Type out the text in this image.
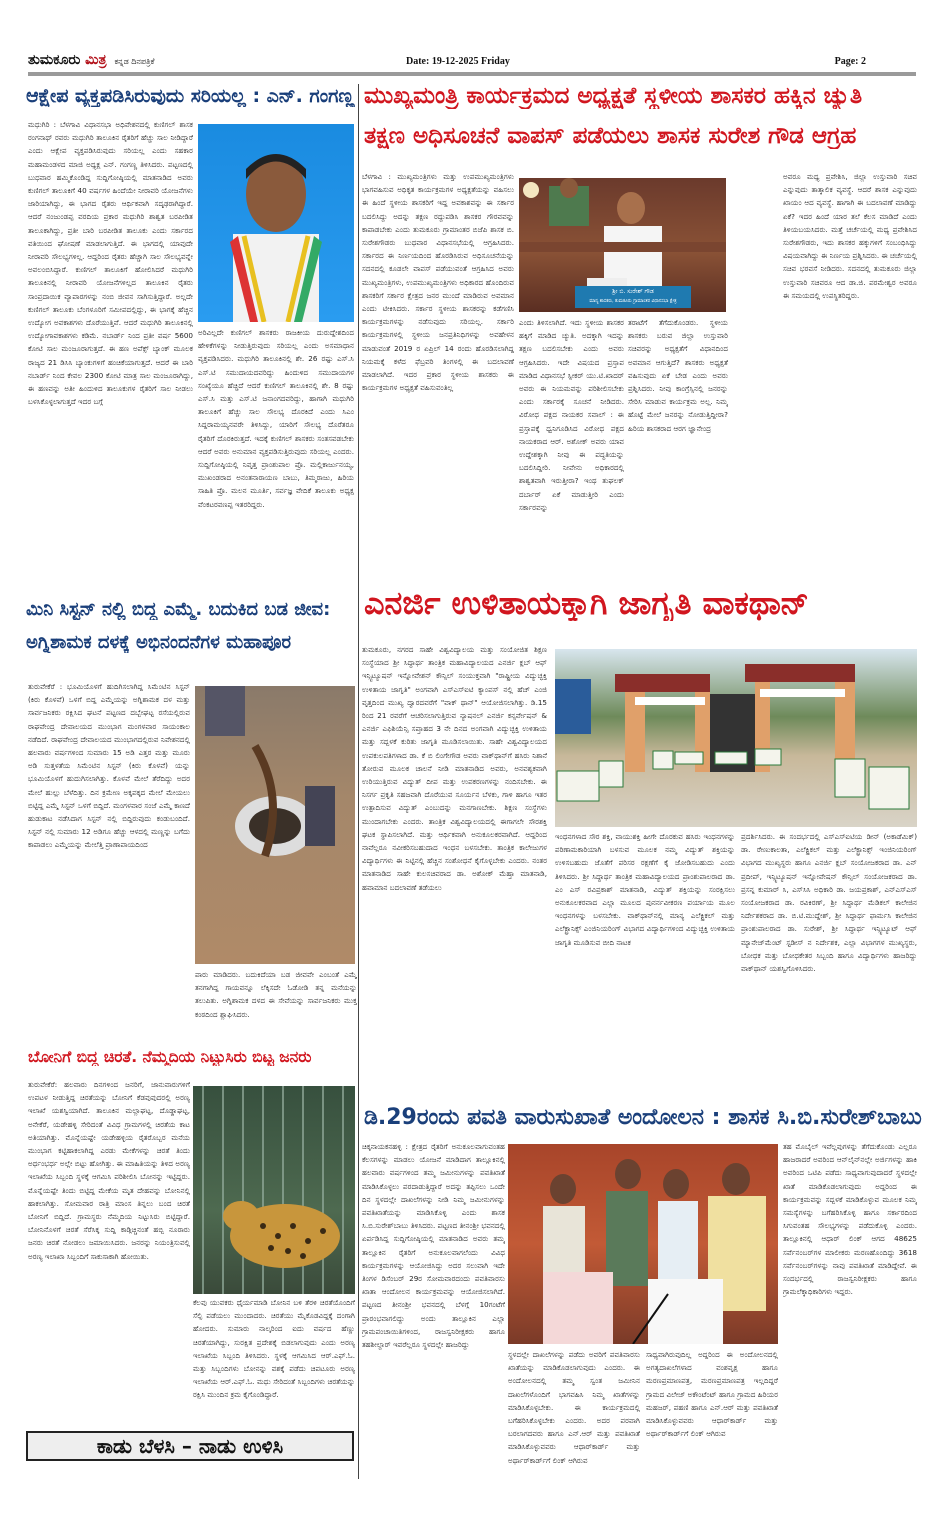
ತುಮಕೂರು ಮಿತ್ರ ಕನ್ನಡ ದಿನಪತ್ರಿಕೆ	Date: 19-12-2025 Friday	Page: 2
ಆಕ್ಷೇಪ ವ್ಯಕ್ತಪಡಿಸಿರುವುದು ಸರಿಯಲ್ಲ : ಎನ್. ಗಂಗಣ್ಣ

ಮಧುಗಿರಿ : ಬೆಳಗಾವಿ ವಿಧಾನಸಭಾ ಅಧಿವೇಶನದಲ್ಲಿ ಕುಣಿಗಲ್ ಶಾಸಕ ರಂಗನಾಥ್ ರವರು ಮಧುಗಿರಿ ತಾಲೂಕಿನ ರೈತರಿಗೆ ಹೆಚ್ಚು ಸಾಲ ನೀಡಿದ್ದಾರೆ ಎಂದು ಆಕ್ಷೇಪ ವ್ಯಕ್ತಪಡಿಸಿರುವುದು ಸರಿಯಲ್ಲ ಎಂದು ಸಹಕಾರ ಮಹಾಮಂಡಳದ ಮಾಜಿ ಅಧ್ಯಕ್ಷ ಎನ್. ಗಂಗಣ್ಣ ತಿಳಿಸಿದರು. ಪಟ್ಟಣದಲ್ಲಿ ಬುಧವಾರ ಹಮ್ಮಿಕೊಂಡಿದ್ದ ಸುದ್ದಿಗೋಷ್ಠಿಯಲ್ಲಿ ಮಾತನಾಡಿದ ಅವರು ಕುಣಿಗಲ್ ತಾಲೂಕಿಗೆ 40 ವರ್ಷಗಳ ಹಿಂದೆಯೇ ನೀರಾವರಿ ಯೋಜನೆಗಳು ಜಾರಿಯಾಗಿದ್ದು, ಈ ಭಾಗದ ರೈತರು ಆರ್ಥಿಕವಾಗಿ ಸದೃಢರಾಗಿದ್ದಾರೆ. ಆದರೆ ನಂಜುಂಡಪ್ಪ ವರದಿಯ ಪ್ರಕಾರ ಮಧುಗಿರಿ ಶಾಶ್ವತ ಬರಪೀಡಿತ ತಾಲೂಕಾಗಿದ್ದು, ಪ್ರತೀ ಬಾರಿ ಬರಪೀಡಿತ ತಾಲೂಕು ಎಂದು ಸರ್ಕಾರದ ವತಿಯಿಂದ ಘೋಷಣೆ ಮಾಡಲಾಗುತ್ತಿದೆ. ಈ ಭಾಗದಲ್ಲಿ ಯಾವುದೇ ನೀರಾವರಿ ಸೌಲಭ್ಯಗಳಿಲ್ಲ. ಆದ್ದರಿಂದ ರೈತರು ಹೆಚ್ಚಾಗಿ ಸಾಲ ಸೌಲಭ್ಯವನ್ನೇ ಅವಲಂಬಿಸಿದ್ದಾರೆ. ಕುಣಿಗಲ್ ತಾಲೂಕಿಗೆ ಹೋಲಿಸಿದರೆ ಮಧುಗಿರಿ ತಾಲೂಕಿನಲ್ಲಿ ನೀರಾವರಿ ಯೋಜನೆಗಳಿಲ್ಲದ ತಾಲೂಕಿನ ರೈತರು ಸಾಂಪ್ರದಾಯಿಕ ವ್ಯಾಪಾರಗಳನ್ನು ನಂಬಿ ಜೀವನ ಸಾಗಿಸುತ್ತಿದ್ದಾರೆ. ಅಲ್ಲದೇ ಕುಣಿಗಲ್ ತಾಲೂಕು ಬೆಂಗಳೂರಿಗೆ ಸಮೀಪದಲ್ಲಿದ್ದು, ಈ ಭಾಗಕ್ಕೆ ಹೆಚ್ಚಿನ ಉದ್ಯೋಗ ಅವಕಾಶಗಳು ದೊರೆಯುತ್ತಿವೆ. ಆದರೆ ಮಧುಗಿರಿ ತಾಲೂಕಿನಲ್ಲಿ ಉದ್ಯೋಗಾವಕಾಶಗಳು ಕಡಿಮೆ. ನಬಾರ್ಡ್ ನಿಂದ ಪ್ರತೀ ವರ್ಷ 5600 ಕೋಟಿ ಸಾಲ ಮಂಜೂರಾಗುತ್ತದೆ. ಈ ಹಣ ಅಪೆಕ್ಸ್ ಬ್ಯಾಂಕ್ ಮೂಲಕ ರಾಜ್ಯದ 21 ಡಿಸಿಸಿ ಬ್ಯಾಂಕುಗಳಿಗೆ ಹಂಚಿಕೆಯಾಗುತ್ತದೆ. ಆದರೆ ಈ ಬಾರಿ ನಬಾರ್ಡ್ ನಿಂದ ಕೇವಲ 2300 ಕೋಟಿ ಮಾತ್ರ ಸಾಲ ಮಂಜೂರಾಗಿದ್ದು, ಈ ಹಣವನ್ನು ಅತೀ ಹಿಂದುಳಿದ ತಾಲೂಕುಗಳ ರೈತರಿಗೆ ಸಾಲ ನೀಡಲು ಬಳಸಿಕೊಳ್ಳಲಾಗುತ್ತದೆ ಇದರ ಬಗ್ಗೆ

ಅರಿವಿಲ್ಲದೇ ಕುಣಿಗಲ್ ಶಾಸಕರು ರಾಜಕೀಯ ದುರುದ್ದೇಶದಿಂದ ಹೇಳಿಕೆಗಳನ್ನು ನೀಡುತ್ತಿರುವುದು ಸರಿಯಲ್ಲ ಎಂದು ಅಸಮಾಧಾನ ವ್ಯಕ್ತಪಡಿಸಿದರು. ಮಧುಗಿರಿ ತಾಲೂಕಿನಲ್ಲಿ ಶೇ. 26 ರಷ್ಟು ಎಸ್.ಸಿ ಎಸ್.ಟಿ ಸಮುದಾಯದವರಿದ್ದು ಹಿಂದುಳಿದ ಸಮುದಾಯಗಳ ಸಂಖ್ಯೆಯೂ ಹೆಚ್ಚಿದೆ ಆದರೆ ಕುಣಿಗಲ್ ತಾಲೂಕಿನಲ್ಲಿ ಶೇ. 8 ರಷ್ಟು ಎಸ್.ಸಿ ಮತ್ತು ಎಸ್.ಟಿ ಜನಾಂಗದವರಿದ್ದು, ಹಾಗಾಗಿ ಮಧುಗಿರಿ ತಾಲೂಕಿಗೆ ಹೆಚ್ಚು ಸಾಲ ಸೌಲಭ್ಯ ದೊರಕಿದೆ ಎಂದು ಸಿಎಂ ಸಿದ್ದರಾಮಯ್ಯನವರೇ ತಿಳಿಸಿದ್ದು, ಯಾರಿಗೆ ಸೌಲಭ್ಯ ದೊರೆತರೂ ರೈತರಿಗೆ ದೊರಕಿರುತ್ತದೆ. ಇದಕ್ಕೆ ಕುಣಿಗಲ್ ಶಾಸಕರು ಸಂತಸವಡಬೇಕು ಆದರೆ ಅವರು ಅನುಮಾನ ವ್ಯಕ್ತಪಡಿಸುತ್ತಿರುವುದು ಸರಿಯಲ್ಲ ಎಂದರು. ಸುದ್ದಿಗೋಷ್ಠಿಯಲ್ಲಿ ನಿವೃತ್ತ ಪ್ರಾಂಶುಪಾಲ ಪ್ರೊ. ಮಲ್ಲಿಕಾರ್ಜುನಯ್ಯ, ಮುಖಂಡರಾದ ಅನಂತನಾರಾಯಣ ಬಾಬು, ತಿಮ್ಮರಾಜು, ಹಿರಿಯ ಸಾಹಿತಿ ಪ್ರೊ. ಮಲನ ಮೂರ್ತಿ, ಸರ್ವಜ್ಞ ವೇದಿಕೆ ತಾಲೂಕು ಅಧ್ಯಕ್ಷ ವೆಂಕಟರವಣಪ್ಪ ಇತರರಿದ್ದರು.

ಮುಖ್ಯಮಂತ್ರಿ ಕಾರ್ಯಕ್ರಮದ ಅಧ್ಯಕ್ಷತೆ ಸ್ಥಳೀಯ ಶಾಸಕರ ಹಕ್ಕಿನ ಚ್ಯುತಿ
ತಕ್ಷಣ ಅಧಿಸೂಚನೆ ವಾಪಸ್ ಪಡೆಯಲು ಶಾಸಕ ಸುರೇಶ ಗೌಡ ಆಗ್ರಹ

ಬೆಳಗಾವಿ : ಮುಖ್ಯಮಂತ್ರಿಗಳು ಮತ್ತು ಉಪಮುಖ್ಯಮಂತ್ರಿಗಳು ಭಾಗವಹಿಸುವ ಅಧಿಕೃತ ಕಾರ್ಯಕ್ರಮಗಳ ಅಧ್ಯಕ್ಷತೆಯನ್ನು ವಹಿಸಲು ಈ ಹಿಂದೆ ಸ್ಥಳೀಯ ಶಾಸಕರಿಗೆ ಇದ್ದ ಅವಕಾಶವನ್ನು ಈ ಸರ್ಕಾರ ಬದಲಿಸಿದ್ದು ಅದನ್ನು ತಕ್ಷಣ ರದ್ದುಪಡಿಸಿ ಶಾಸಕರ ಗೌರವವನ್ನು ಕಾಪಾಡಬೇಕು ಎಂದು ತುಮಕೂರು ಗ್ರಾಮಾಂತರ ಬಿಜೆಪಿ ಶಾಸಕ ಬಿ. ಸುರೇಶಗೌಡರು ಬುಧವಾರ ವಿಧಾನಸಭೆಯಲ್ಲಿ ಆಗ್ರಹಿಸಿದರು. ಸರ್ಕಾರದ ಈ ನಿರ್ಣಯದಿಂದ ಹೊರಡಿಸಿರುವ ಅಧಿಸೂಚನೆಯನ್ನು ಸದನದಲ್ಲಿ ಕೂಡಲೇ ವಾಪಸ್ ಪಡೆಯುವಂತೆ ಆಗ್ರಹಿಸಿದ ಅವರು ಮುಖ್ಯಮಂತ್ರಿಗಳು, ಉಪಮುಖ್ಯಮಂತ್ರಿಗಳು ಅಧಿಕಾರದ ಹೊಂದಿರುವ ಶಾಸಕರಿಗೆ ಸರ್ಕಾರ ಕ್ಷೇತ್ರದ ಜನರ ಮುಂದೆ ಮಾಡಿರುವ ಅವಮಾನ ಎಂದು ಟೀಕಿಸಿದರು. ಸರ್ಕಾರ ಸ್ಥಳೀಯ ಶಾಸಕರನ್ನು ಕಡೆಗಣಿಸಿ ಕಾರ್ಯಕ್ರಮಗಳನ್ನು ನಡೆಸುವುದು ಸರಿಯಲ್ಲ. ಸರ್ಕಾರಿ ಕಾರ್ಯಕ್ರಮಗಳಲ್ಲಿ ಸ್ಥಳೀಯ ಜನಪ್ರತಿನಿಧಿಗಳನ್ನು ಅವಹೇಳನ ಮಾಡುವಂತೆ 2019 ರ ಏಪ್ರಿಲ್ 14 ರಂದು ಹೊರಡಿಸಲಾಗಿದ್ದ ನಿಯಮಕ್ಕೆ ಕಳೆದ ಫೆಬ್ರವರಿ ತಿಂಗಳಲ್ಲಿ ಈ ಬದಲಾವಣೆ ಮಾಡಲಾಗಿದೆ. ಇದರ ಪ್ರಕಾರ ಸ್ಥಳೀಯ ಶಾಸಕರು ಈ ಕಾರ್ಯಕ್ರಮಗಳ ಅಧ್ಯಕ್ಷತೆ ವಹಿಸುವಂತಿಲ್ಲ

ಶ್ರೀ ಬಿ. ಸುರೇಶ್ ಗೌಡ
ಮಾನ್ಯ ಶಾಸಕರು, ತುಮಕೂರು ಗ್ರಾಮಾಂತರ ವಿಧಾನಸಭಾ ಕ್ಷೇತ್ರ

ಎಂದು ತಿಳಿಸಲಾಗಿದೆ. ಇದು ಸ್ಥಳೀಯ ಶಾಸಕರ ಹಕ್ಕಿಗೆ ಮಾಡಿದ ಚ್ಯುತಿ. ಅದಕ್ಕಾಗಿ ಇದನ್ನು ತಕ್ಷಣ ಬದಲಿಸಬೇಕು ಎಂದು ಅವರು ಆಗ್ರಹಿಸಿದರು. ಇದೇ ವಿಷಯದ ಪ್ರಸ್ತಾಪ ಮಾಡಿದ ವಿಧಾನಸಭೆ ಸ್ಪೀಕರ್ ಯು.ಟಿ.ಖಾದರ್ ಅವರು ಈ ನಿಯಮವನ್ನು ಪರಿಶೀಲಿಸಬೇಕು ಎಂದು ಸರ್ಕಾರಕ್ಕೆ ಸೂಚನೆ ನೀಡಿದರು. ವಿರೋಧ ಪಕ್ಷದ ನಾಯಕರ ಸವಾಲ್ : ಈ ಪ್ರಸ್ತಾಪಕ್ಕೆ ಧ್ವನಿಗೂಡಿಸಿದ ವಿರೋಧ ಪಕ್ಷದ ನಾಯಕರಾದ ಆರ್. ಅಶೋಕ್ ಅವರು ಯಾವ ಉದ್ದೇಶಕ್ಕಾಗಿ ನೀವು ಈ ಪದ್ಧತಿಯನ್ನು ಬದಲಿಸಿದ್ದೀರಿ. ನೀವೇನು ಅಧಿಕಾರದಲ್ಲಿ ಶಾಶ್ವತವಾಗಿ ಇರುತ್ತೀರಾ? ಇಂಥ ತುಘಲಕ್ ದರ್ಬಾರ್ ಏಕೆ ಮಾಡುತ್ತೀರಿ ಎಂದು ಸರ್ಕಾರವನ್ನು

ತರಾಟೆಗೆ ತೆಗೆದುಕೊಂಡರು. ಸ್ಥಳೀಯ ಶಾಸಕರು ಬರುವ ಜಿಲ್ಲಾ ಉಸ್ತುವಾರಿ ಸಚಿವರನ್ನು ಅಧ್ಯಕ್ಷತೆಗೆ ವಿಧಾನದಿಂದ ಅವಮಾನ ಆಗುತ್ತಿದೆ? ಶಾಸಕರು ಅಧ್ಯಕ್ಷತೆ ವಹಿಸುವುದು ಏಕೆ ಬೇಡ ಎಂದು ಅವರು ಪ್ರಶ್ನಿಸಿದರು. ನೀವು ಕಾಂಗ್ರೆಸ್ಸಿನಲ್ಲಿ ಜನರನ್ನು ಸೇರಿಸಿ ಮಾಡುವ ಕಾರ್ಯಕ್ರಮ ಅಲ್ಲ. ನಿಮ್ಮ ಹೊಟ್ಟೆ ಮೇಲೆ ಜನರನ್ನು ನೋಡುತ್ತಿದ್ದೀರಾ? ಹಿರಿಯ ಶಾಸಕರಾದ ಆರಗ ಜ್ಞಾನೇಂದ್ರ

ಅವರೂ ಮಧ್ಯ ಪ್ರವೇಶಿಸಿ, ಜಿಲ್ಲಾ ಉಸ್ತುವಾರಿ ಸಚಿವ ಎನ್ನುವುದು ತಾತ್ಕಾಲಿಕ ವ್ಯವಸ್ಥೆ. ಆದರೆ ಶಾಸಕ ಎನ್ನುವುದು ಖಾಯಂ ಆದ ವ್ಯವಸ್ಥೆ. ಹಾಗಾಗಿ ಈ ಬದಲಾವಣೆ ಮಾಡಿದ್ದು ಏಕೆ? ಇದರ ಹಿಂದೆ ಯಾರ ತಲೆ ಕೆಲಸ ಮಾಡಿದೆ ಎಂದು ತಿಳಿಯಬಯಸಿದರು. ಮತ್ತೆ ಚರ್ಚೆಯಲ್ಲಿ ಮಧ್ಯ ಪ್ರವೇಶಿಸಿದ ಸುರೇಶಗೌಡರು, ಇದು ಶಾಸಕರ ಹಕ್ಕುಗಳಿಗೆ ಸಂಬಂಧಿಸಿದ್ದು ವಿಷಯವಾಗಿದ್ದು ಈ ನಿರ್ಣಯ ಪ್ರಶ್ನಿಸಿದರು. ಈ ಚರ್ಚೆಯಲ್ಲಿ ಸಚಿವ ಭರವಸೆ ನೀಡಿದರು. ಸದನದಲ್ಲಿ ತುಮಕೂರು ಜಿಲ್ಲಾ ಉಸ್ತುವಾರಿ ಸಚಿವರೂ ಆದ ಡಾ.ಜಿ. ಪರಮೇಶ್ವರ ಅವರೂ ಈ ಸಮಯದಲ್ಲಿ ಉಪಸ್ಥಿತರಿದ್ದರು.

ಮಿನಿ ಸಿಸ್ಟನ್ ನಲ್ಲಿ ಬಿದ್ದ ಎಮ್ಮೆ. ಬದುಕಿದ ಬಡ ಜೀವ:
ಅಗ್ನಿಶಾಮಕ ದಳಕ್ಕೆ ಅಭಿನಂದನೆಗಳ ಮಹಾಪೂರ

ತುರುವೇಕೆರೆ : ಭೂಮಿಯೊಳಗೆ ಹುದಿಗಿಸಲಾಗಿದ್ದ ಸಿಮೆಂಟಿನ ಸಿಸ್ಟನ್ (ಕಿರು ಕೊಳವೆ) ಒಳಗೆ ಬಿದ್ದ ಎಮ್ಮೆಯನ್ನು ಅಗ್ನಿಶಾಮಕ ದಳ ಮತ್ತು ಸಾರ್ವಜನಿಕರು ರಕ್ಷಿಸಿದ ಘಟನೆ ಪಟ್ಟಣದ ದಬ್ಬೇಘಟ್ಟ ರಸೆಯಲ್ಲಿರುವ ರಾಘವೇಂದ್ರ ದೇವಾಲಯದ ಮುಂಭಾಗ ಮಂಗಳವಾರ ಸಾಯಂಕಾಲ ನಡೆದಿದೆ. ರಾಘವೇಂದ್ರ ದೇವಾಲಯದ ಮುಂಭಾಗದಲ್ಲಿರುವ ನಿವೇಶನದಲ್ಲಿ ಹಲವಾರು ವರ್ಷಗಳಿಂದ ಸುಮಾರು 15 ಅಡಿ ಎತ್ತರ ಮತ್ತು ಮೂರು ಅಡಿ ಸುತ್ತಳತೆಯ ಸಿಮೆಂಟಿನ ಸಿಸ್ಟನ್ (ಕಿರು ಕೊಳವೆ) ಯನ್ನು ಭೂಮಿಯೊಳಗೆ ಹುದುಗಿಸಲಾಗಿತ್ತು. ಕೊಳವೆ ಮೇಲೆ ತೆರೆದಿದ್ದು ಅದರ ಮೇಲೆ ಹುಲ್ಲು ಬೆಳೆದಿತ್ತು. ದಿನ ಕ್ರಮೇಣ ಅಕ್ಕಪಕ್ಕದ ಮೇಲೆ ಮೇಯಲು ಬಿಟ್ಟಿದ್ದ ಎಮ್ಮೆ ಸಿಸ್ಟನ್ ಒಳಗೆ ಬಿದ್ದಿದೆ. ಮಂಗಳವಾರ ಸಂಜೆ ಎಮ್ಮೆ ಕಾಣದೆ ಹುಡುಕಾಟ ನಡೆಸಿದಾಗ ಸಿಸ್ಟನ್ ನಲ್ಲಿ ಬಿದ್ದಿರುವುದು ಕಂಡುಬಂದಿದೆ. ಸಿಸ್ಟನ್ ನಲ್ಲಿ ಸುಮಾರು 12 ಅಡಿಗೂ ಹೆಚ್ಚು ಆಳದಲ್ಲಿ ಮಣ್ಣನ್ನು ಬಗೆದು ಕಾಪಾಡಲು ಎಮ್ಮೆಯನ್ನು ಮೇಲೆತ್ತಿ ಪ್ರಾಣಾಪಾಯದಿಂದ

ಪಾರು ಮಾಡಿದರು. ಬದುಕಿದೆಯಾ ಬಡ ಜೀವವೇ ಎಂಬಂತೆ ಎಮ್ಮೆ ತನಗಾಗಿದ್ದ ಗಾಯವನ್ನೂ ಲೆಕ್ಕಿಸದೇ ಓಡೋಡಿ ತನ್ನ ಮನೆಯನ್ನು ತಲುಪಿತು. ಅಗ್ನಿಶಾಮಕ ದಳದ ಈ ಸೇವೆಯನ್ನು ಸಾರ್ವಜನಿಕರು ಮುಕ್ತ ಕಂಠದಿಂದ ಶ್ಲಾಘಿಸಿದರು.

ಎನರ್ಜಿ ಉಳಿತಾಯಕ್ಕಾಗಿ ಜಾಗೃತಿ ವಾಕಥಾನ್

ತುಮಕೂರು, ನಗರದ ಸಾಹೇ ವಿಶ್ವವಿದ್ಯಾಲಯ ಮತ್ತು ಸಂಯೋಜಿತ ಶಿಕ್ಷಣ ಸಂಸ್ಥೆಯಾದ ಶ್ರೀ ಸಿದ್ಧಾರ್ಥ ತಾಂತ್ರಿಕ ಮಹಾವಿದ್ಯಾಲಯದ ಎನರ್ಜಿ ಕ್ಲಬ್ ಆಫ್ ಇನ್ಸ್ಟಿಟ್ಯೂಷನ್ ಇನ್ನೋವೇಶನ್ ಕೌನ್ಸಿಲ್ ಸಂಯುಕ್ತವಾಗಿ "ರಾಷ್ಟ್ರೀಯ ವಿದ್ಯುಚ್ಛಕ್ತಿ ಉಳಿತಾಯ ಜಾಗೃತಿ" ಅಂಗವಾಗಿ ಎಸ್‌ಎಸ್‌ಐಟಿ ಕ್ಯಾಂಪಸ್ ನಲ್ಲಿ ಹೆಚ್ ಎಂಜಿ ವೃತ್ತದಿಂದ ಮುಖ್ಯ ದ್ವಾರದವರೆಗೆ "ವಾಕ್ ಥಾನ್" ಆಯೋಜಿಸಲಾಗಿತ್ತು. ಡಿ.15 ರಿಂದ 21 ರವರೆಗೆ ಆಚರಿಸಲಾಗುತ್ತಿರುವ ನ್ಯಾಷನಲ್ ಎನರ್ಜಿ ಕನ್ಸರ್ವೇಷನ್ & ಎನರ್ಜಿ ಎಫಿಶಿಯೆನ್ಸಿ ಸಪ್ತಾಹದ 3 ನೇ ದಿನದ ಅಂಗವಾಗಿ ವಿದ್ಯುಚ್ಛಕ್ತಿ ಉಳಿತಾಯ ಮತ್ತು ಸದ್ಬಳಕೆ ಕುರಿತು ಜಾಗೃತಿ ಮೂಡಿಸಲಾಯಿತು. ಸಾಹೇ ವಿಶ್ವವಿದ್ಯಾಲಯದ ಉಪಕುಲಪತಿಗಳಾದ ಡಾ. ಕೆ ಬಿ ಲಿಂಗೇಗೌಡ ಅವರು ವಾಕ್‌ಥಾನ್‌ಗೆ ಹಸಿರು ನಿಶಾನೆ ತೋರುವ ಮೂಲಕ ಚಾಲನೆ ನೀಡಿ ಮಾತನಾಡಿದ ಅವರು, ಅನವಶ್ಯಕವಾಗಿ ಉರಿಯುತ್ತಿರುವ ವಿದ್ಯುತ್ ದೀಪ ಮತ್ತು ಉಪಕರಣಗಳನ್ನು ನಂದಿಸಬೇಕು. ಈ ನಿಸರ್ಗ ಪ್ರಕೃತಿ ಸಹಜವಾಗಿ ದೊರೆಯುವ ಸೂರ್ಯನ ಬೆಳಕು, ಗಾಳಿ ಹಾಗೂ ಇತರ ಉತ್ಪಾದಿಸುವ ವಿದ್ಯುತ್ ಎಂಬುದನ್ನು ಮನಗಾಣಬೇಕು. ಶಿಕ್ಷಣ ಸಂಸ್ಥೆಗಳು ಮುಂದಾಗಬೇಕು ಎಂದರು. ತಾಂತ್ರಿಕ ವಿಶ್ವವಿದ್ಯಾಲಯದಲ್ಲಿ ಈಗಾಗಲೇ ಸೌರಶಕ್ತಿ ಘಟಕ ಸ್ಥಾಪಿಸಲಾಗಿದೆ. ಮತ್ತು ಆರ್ಥಿಕವಾಗಿ ಅನುಕೂಲಕರವಾಗಿದೆ. ಆದ್ದರಿಂದ ನಾವೆಲ್ಲರೂ ನವೀಕರಿಸಬಹುದಾದ ಇಂಧನ ಬಳಸಬೇಕು. ತಾಂತ್ರಿಕ ಕಾಲೇಜುಗಳ ವಿದ್ಯಾರ್ಥಿಗಳು ಈ ನಿಟ್ಟಿನಲ್ಲಿ ಹೆಚ್ಚಿನ ಸಂಶೋಧನೆ ಕೈಗೊಳ್ಳಬೇಕು ಎಂದರು. ನಂತರ ಮಾತನಾಡಿದ ಸಾಹೇ ಕುಲಸಚಿವರಾದ ಡಾ. ಅಶೋಕ್ ಮೆಹ್ತಾ ಮಾತನಾಡಿ, ಹವಾಮಾನ ಬದಲಾವಣೆ ತಡೆಯಲು

ಇಂಧನಗಳಾದ ಸೌರ ಶಕ್ತಿ, ವಾಯುಶಕ್ತಿ ಹೀಗೇ ದೊರಕುವ ಹಸಿರು ಇಂಧನಗಳನ್ನು ಪರಿಣಾಮಕಾರಿಯಾಗಿ ಬಳಸುವ ಮೂಲಕ ನಮ್ಮ ವಿದ್ಯುತ್ ಶಕ್ತಿಯನ್ನು ಉಳಿಸಬಹುದು ಜೊತೆಗೆ ಪರಿಸರ ರಕ್ಷಣೆಗೆ ಕೈ ಜೋಡಿಸಬಹುದು ಎಂದು ತಿಳಿಸಿದರು. ಶ್ರೀ ಸಿದ್ಧಾರ್ಥ ತಾಂತ್ರಿಕ ಮಹಾವಿದ್ಯಾಲಯದ ಪ್ರಾಂಶುಪಾಲರಾದ ಡಾ. ಎಂ ಎಸ್ ರವಿಪ್ರಕಾಶ್ ಮಾತನಾಡಿ, ವಿದ್ಯುತ್ ಶಕ್ತಿಯನ್ನು ಸಂರಕ್ಷಿಸಲು ಅನುಕೂಲಕರವಾದ ಎಲ್ಲಾ ಮೂಲದ ಪುನರ್ನವೀಕರಣ ಪರ್ಯಾಯ ಮೂಲ ಇಂಧನಗಳನ್ನು ಬಳಸಬೇಕು. ವಾಕ್‌ಥಾನ್‌ನಲ್ಲಿ ಮಾನ್ಯ ಎಲೆಕ್ಟ್ರಿಕಲ್ ಮತ್ತು ಎಲೆಕ್ಟ್ರಾನಿಕ್ಸ್ ಎಂಜಿನಿಯರಿಂಗ್ ವಿಭಾಗದ ವಿದ್ಯಾರ್ಥಿಗಳಿಂದ ವಿದ್ಯುಚ್ಛಕ್ತಿ ಉಳಿತಾಯ ಜಾಗೃತಿ ಮೂಡಿಸುವ ಬೀದಿ ನಾಟಕ

ಪ್ರದರ್ಶಿಸಿದರು. ಈ ಸಂದರ್ಭದಲ್ಲಿ ಎಸ್‌ಎಸ್‌ಐಟಿಯ ಡೀನ್ (ಅಕಾಡೆಮಿಕ್) ಡಾ. ರೇಣುಕಾಲತಾ, ಎಲೆಕ್ಟ್ರಿಕಲ್ ಮತ್ತು ಎಲೆಕ್ಟ್ರಾನಿಕ್ಸ್ ಇಂಜಿನಿಯರಿಂಗ್ ವಿಭಾಗದ ಮುಖ್ಯಸ್ಥರು ಹಾಗೂ ಎನರ್ಜಿ ಕ್ಲಬ್ ಸಂಯೋಜಕರಾದ ಡಾ. ಎನ್ ಪ್ರದೀಪ್, ಇನ್ಸ್ಟಿಟ್ಯೂಷನ್ ಇನ್ನೋವೇಷನ್ ಕೌನ್ಸಿಲ್ ಸಂಯೋಜಕರಾದ ಡಾ. ಪ್ರಸನ್ನ ಕುಮಾರ್ ಸಿ, ಎಸ್‌ಸಿಸಿ ಅಧಿಕಾರಿ ಡಾ. ಜಯಪ್ರಕಾಶ್, ಎನ್‌ಎಸ್‌ಎಸ್ ಸಂಯೋಜಕರಾದ ಡಾ. ರವಿಕಿರಣ್, ಶ್ರೀ ಸಿದ್ಧಾರ್ಥ ಮೆಡಿಕಲ್ ಕಾಲೇಜಿನ ನಿರ್ದೇಶಕರಾದ ಡಾ. ಬಿ.ಟಿ.ಮುದ್ದೇಶ್, ಶ್ರೀ ಸಿದ್ಧಾರ್ಥ ಫಾರ್ಮಸಿ ಕಾಲೇಜಿನ ಪ್ರಾಂಶುಪಾಲರಾದ ಡಾ. ಸುರೇಶ್, ಶ್ರೀ ಸಿದ್ಧಾರ್ಥ ಇನ್ಸ್ಟಿಟ್ಯೂಟ್ ಆಫ್ ಮ್ಯಾನೇಜ್‌ಮೆಂಟ್ ಸ್ಟಡೀಸ್ ನ ನಿರ್ದೇಶಕ, ಎಲ್ಲಾ ವಿಭಾಗಗಳ ಮುಖ್ಯಸ್ಥರು, ಬೋಧಕ ಮತ್ತು ಬೋಧಕೇತರ ಸಿಬ್ಬಂದಿ ಹಾಗೂ ವಿದ್ಯಾರ್ಥಿಗಳು ಹಾಜರಿದ್ದು ವಾಕ್‌ಥಾನ್ ಯಶಸ್ವಿಗೊಳಿಸಿದರು.

ಬೋನಿಗೆ ಬಿದ್ದ ಚಿರತೆ. ನೆಮ್ಮದಿಯ ನಿಟ್ಟುಸಿರು ಬಿಟ್ಟ ಜನರು

ತುರುವೇಕೆರೆ: ಹಲವಾರು ದಿನಗಳಿಂದ ಜನರಿಗೆ, ಜಾನುವಾರುಗಳಿಗೆ ಉಪಟಳ ನೀಡುತ್ತಿದ್ದ ಚಿರತೆಯನ್ನು ಬೋನಿಗೆ ಕೆಡವುವುದರಲ್ಲಿ ಅರಣ್ಯ ಇಲಾಖೆ ಯಶಸ್ವಿಯಾಗಿದೆ. ತಾಲೂಕಿನ ಮಲ್ಲಾಘಟ್ಟ, ದೊಡ್ಡಾಘಟ್ಟ, ಅನೇಕೆರೆ, ಯಡೇಹಳ್ಳಿ ಸೇರಿದಂತೆ ವಿವಿಧ ಗ್ರಾಮಗಳಲ್ಲಿ ಚಿರತೆಯ ಕಾಟ ಅತಿಯಾಗಿತ್ತು. ಮೊನ್ನೆಯಷ್ಟೇ ಯಡೇಹಳ್ಳಿಯ ರೈತರೊಬ್ಬರ ಮನೆಯ ಮುಂಭಾಗ ಕಟ್ಟಿಹಾಕಲಾಗಿದ್ದ ಎರಡು ಮೇಕೆಗಳನ್ನು ಚಿರತೆ ತಿಂದು ಅರ್ಧಂಭರ್ಧ ಅಲ್ಲೇ ಬಿಟ್ಟು ಹೋಗಿತ್ತು. ಈ ಮಾಹಿತಿಯನ್ನು ತಿಳಿದ ಅರಣ್ಯ ಇಲಾಖೆಯ ಸಿಬ್ಬಂದಿ ಸ್ಥಳಕ್ಕೆ ಆಗಮಿಸಿ ಪರಿಶೀಲಿಸಿ ಬೋನನ್ನು ಇಟ್ಟಿದ್ದರು. ಮೊನ್ನೆಯಷ್ಟೇ ತಿಂದು ಬಿಟ್ಟಿದ್ದ ಮೇಕೆಯ ಮೃತ ದೇಹವನ್ನು ಬೋನಿನಲ್ಲಿ ಹಾಕಲಾಗಿತ್ತು. ಸೋಮವಾರ ರಾತ್ರಿ ಮಾಂಸ ತಿನ್ನಲು ಬಂದ ಚಿರತೆ ಬೋನಿಗೆ ಬಿದ್ದಿದೆ. ಗ್ರಾಮಸ್ಥರು ನೆಮ್ಮದಿಯ ನಿಟ್ಟುಸಿರು ಬಿಟ್ಟಿದ್ದಾರೆ. ಬೋನಿನೊಳಗೆ ಚಿರತೆ ಸೆರೆಸಿಕ್ಕ ಸುದ್ದಿ ಕಾಡ್ಗಿಚ್ಚಿನಂತೆ ಹಬ್ಬಿ ನೂರಾರು ಜನರು ಚಿರತೆ ನೋಡಲು ಜಮಾಯಿಸಿದರು. ಜನರನ್ನು ನಿಯಂತ್ರಿಸುವಲ್ಲಿ ಅರಣ್ಯ ಇಲಾಖಾ ಸಿಬ್ಬಂದಿಗೆ ಸಾಕುಸಾಕಾಗಿ ಹೋಯಿತು.

ಕೆಲವು ಯುವಕರು ಧೈರ್ಯಮಾಡಿ ಬೋನಿನ ಬಳಿ ತೆರಳಿ ಚಿರತೆಯೊಂದಿಗೆ ಸೆಲ್ಪಿ ಪಡೆಯಲು ಮುಂದಾದರು. ಚಿರತೆಯು ಮೈಕೊಡವಿದ್ದಕ್ಕೆ ದಂಗಾಗಿ ಹೋದರು. ಸುಮಾರು ನಾಲ್ಕರಿಂದ ಐದು ವರ್ಷದ ಹೆಣ್ಣು ಚಿರತೆಯಾಗಿದ್ದು, ಸುರಕ್ಷಿತ ಪ್ರದೇಶಕ್ಕೆ ಬಿಡಲಾಗುವುದು ಎಂದು ಅರಣ್ಯ ಇಲಾಖೆಯ ಸಿಬ್ಬಂದಿ ತಿಳಿಸಿದರು. ಸ್ಥಳಕ್ಕೆ ಆಗಮಿಸಿದ ಆರ್‌.ಎಫ್‌.ಓ. ಮತ್ತು ಸಿಬ್ಬಂದಿಗಳು ಬೋನನ್ನು ವಶಕ್ಕೆ ಪಡೆದು ಚಿಪಟೂರು ಅರಣ್ಯ ಇಲಾಖೆಯ ಆರ್.ಎಫ್.ಓ. ಮಧು ಸೇರಿದಂತೆ ಸಿಬ್ಬಂದಿಗಳು ಚಿರತೆಯನ್ನು ರಕ್ಷಿಸಿ ಮುಂದಿನ ಕ್ರಮ ಕೈಗೊಂಡಿದ್ದಾರೆ.

ಕಾಡು ಬೆಳಸಿ – ನಾಡು ಉಳಿಸಿ
ಡಿ.29ರಂದು ಪವತಿ ವಾರುಸುಖಾತೆ ಅಂದೋಲನ : ಶಾಸಕ ಸಿ.ಬಿ.ಸುರೇಶ್‌ಬಾಬು

ಚಿಕ್ಕನಾಯಕನಹಳ್ಳಿ : ಕ್ಷೇತ್ರದ ರೈತರಿಗೆ ಅನುಕೂಲವಾಗುವಂತಹ ಕೆಲಸಗಳನ್ನು ಮಾಡಲು ಯೋಜನೆ ಮಾಡಿದಾಗ ತಾಲ್ಲೂಕಿನಲ್ಲಿ ಹಲವಾರು ವರ್ಷಗಳಿಂದ ತಮ್ಮ ಜಮೀನುಗಳನ್ನು ಪವತಿಖಾತೆ ಮಾಡಿಸಿಕೊಳ್ಳಲು ಪರದಾಡುತ್ತಿದ್ದಾರೆ ಅದನ್ನು ತಪ್ಪಿಸಲು ಒಂದೇ ದಿನ ಸ್ಥಳದಲ್ಲೇ ದಾಖಲೆಗಳನ್ನು ನೀಡಿ ನಿಮ್ಮ ಜಮೀನುಗಳನ್ನು ಪವತಿಖಾತೆಯನ್ನು ಮಾಡಿಸಿಕೊಳ್ಳಿ ಎಂದು ಶಾಸಕ ಸಿ.ಬಿ.ಸುರೇಶ್‌ಬಾಬು ತಿಳಿಸಿದರು. ಪಟ್ಟಣದ ತೀನಂಶ್ರೀ ಭವನದಲ್ಲಿ ಏರ್ಪಡಿಸಿದ್ದ ಸುದ್ದಿಗೋಷ್ಠಿಯಲ್ಲಿ ಮಾತನಾಡಿದ ಅವರು ತಮ್ಮ ತಾಲ್ಲೂಕಿನ ರೈತರಿಗೆ ಅನುಕೂಲವಾಗಲೆಂದು ವಿವಿಧ ಕಾರ್ಯಕ್ರಮಗಳನ್ನು ಆಯೋಜಿಸಿದ್ದು ಅದರ ಸಲುವಾಗಿ ಇದೇ ತಿಂಗಳ ಡಿಸೆಂಬರ್ 29ರ ಸೋಮವಾರದಂದು ಪವತಿವಾರಸು ಖಾತಾ ಆಂದೋಲನ ಕಾರ್ಯಕ್ರಮವನ್ನು ಆಯೋಜಿಸಲಾಗಿದೆ. ಪಟ್ಟಣದ ತೀನಂಶ್ರೀ ಭವನದಲ್ಲಿ ಬೆಳಗ್ಗೆ 10ಗಂಟೆಗೆ ಪ್ರಾರಂಭವಾಗಲಿದ್ದು ಅಂದು ತಾಲ್ಲೂಕಿನ ಎಲ್ಲಾ ಗ್ರಾಮಪಂಚಾಯಿತಿಗಳಿಂದ, ರಾಜಸ್ವನಿರೀಕ್ಷಕರು ಹಾಗೂ ತಹಶೀಲ್ದಾರ್ ಇವರೆಲ್ಲರೂ ಸ್ಥಳದಲ್ಲೇ ಹಾಜರಿದ್ದು

ಸ್ಥಳದಲ್ಲೇ ದಾಖಲೆಗಳನ್ನು ಪಡೆದು ಅವರಿಗೆ ಪವತಿವಾರಸು ಖಾತೆಯನ್ನು ಮಾಡಿಕೊಡಲಾಗುವುದು ಎಂದರು. ಈ ಅಂದೋಲನದಲ್ಲಿ ತಮ್ಮ ಸ್ವಂತ ಜಮೀನಿನ ದಾಖಲೆಗಳೊಂದಿಗೆ ಭಾಗವಹಿಸಿ ನಿಮ್ಮ ಖಾತೆಗಳನ್ನು ಮಾಡಿಸಿಕೊಳ್ಳಬೇಕು. ಈ ಕಾರ್ಯಕ್ರಮದಲ್ಲಿ ಬಗೆಹರಿಸಿಕೊಳ್ಳಬೇಕು ಎಂದರು. ಅದರ ಪರವಾಗಿ ಬರಲಾಗದವರು ಹಾಗೂ ಎನ್.ಆರ್ ಮತ್ತು ಪವತಿಖಾತೆ ಮಾಡಿಸಿಕೊಳ್ಳುವವರು ಆಧಾರ್‌ಕಾರ್ಡ್ ಮತ್ತು ಅರ್ಥಾರ್‌ಕಾರ್ಡ್‌ಗೆ ಲಿಂಕ್ ಆಗಿರುವ

ಸಾಧ್ಯವಾಗಿರುವುದಿಲ್ಲ ಅದ್ದರಿಂದ ಈ ಅಂದೋಲನದಲ್ಲಿ ಅಗತ್ಯದಾಖಲೆಗಳಾದ ವಂಶವೃಕ್ಷ ಹಾಗೂ ಮರಣಪ್ರಮಾಣಪತ್ರ, ಮರಣಪ್ರಮಾಣಪತ್ರ ಇಲ್ಲದಿದ್ದರೆ ಗ್ರಾಮದ ವಿಲೇಜ್ ಅಕೌಂಟೆಂಟ್ ಹಾಗೂ ಗ್ರಾಮದ ಹಿರಿಯರ ಮಹಜರ್, ಪಹಣಿ ಹಾಗೂ ಎನ್.ಆರ್ ಮತ್ತು ಪವತಿಖಾತೆ ಮಾಡಿಸಿಕೊಳ್ಳುವವರು ಆಧಾರ್‌ಕಾರ್ಡ್ ಮತ್ತು ಅರ್ಥಾರ್‌ಕಾರ್ಡ್‌ಗೆ ಲಿಂಕ್ ಆಗಿರುವ

ತಹ ಮೊಬೈಲ್ ಇವೆಲ್ಲವುಗಳನ್ನು ತೆಗೆದುಕೊಂಡು ಎಲ್ಲರೂ ಹಾಜರಾದರೆ ಅವರಿಂದ ಆನ್‌ಲೈನ್‌ನಲ್ಲೇ ಅರ್ಜಿಗಳನ್ನು ಹಾಕಿ ಅವರಿಂದ ಒಟಿಪಿ ಪಡೆದು ಸಾಧ್ಯವಾಗುವುದಾದರೆ ಸ್ಥಳದಲ್ಲೇ ಖಾತೆ ಮಾಡಿಕೊಡಲಾಗುವುದು ಅದ್ದರಿಂದ ಈ ಕಾರ್ಯಕ್ರಮವನ್ನು ಸದ್ಬಳಕೆ ಮಾಡಿಕೊಳ್ಳುವ ಮೂಲಕ ನಿಮ್ಮ ಸಮಸ್ಯೆಗಳನ್ನು ಬಗೆಹರಿಸಿಕೊಳ್ಳಿ ಹಾಗೂ ಸರ್ಕಾರದಿಂದ ಸಿಗುವಂತಹ ಸೌಲಭ್ಯಗಳನ್ನು ಪಡೆದುಕೊಳ್ಳಿ ಎಂದರು. ತಾಲ್ಲೂಕಿನಲ್ಲಿ ಆಧಾರ್ ಲಿಂಕ್ ಆಗದ 48625 ಸರ್ವೆನಂಬರ್‌ಗಳ ಮಾಲೀಕರು ಮರಣಹೊಂದಿದ್ದು 3618 ಸರ್ವೆನಂಬರ್‌ಗಳನ್ನು ನಾವು ಪವತಿಖಾತೆ ಮಾಡಿದ್ದೇವೆ. ಈ ಸಂದರ್ಭದಲ್ಲಿ ರಾಜಸ್ವನಿರೀಕ್ಷಕರು ಹಾಗೂ ಗ್ರಾಮಲೆಕ್ಕಾಧಿಕಾರಿಗಳು ಇದ್ದರು.
